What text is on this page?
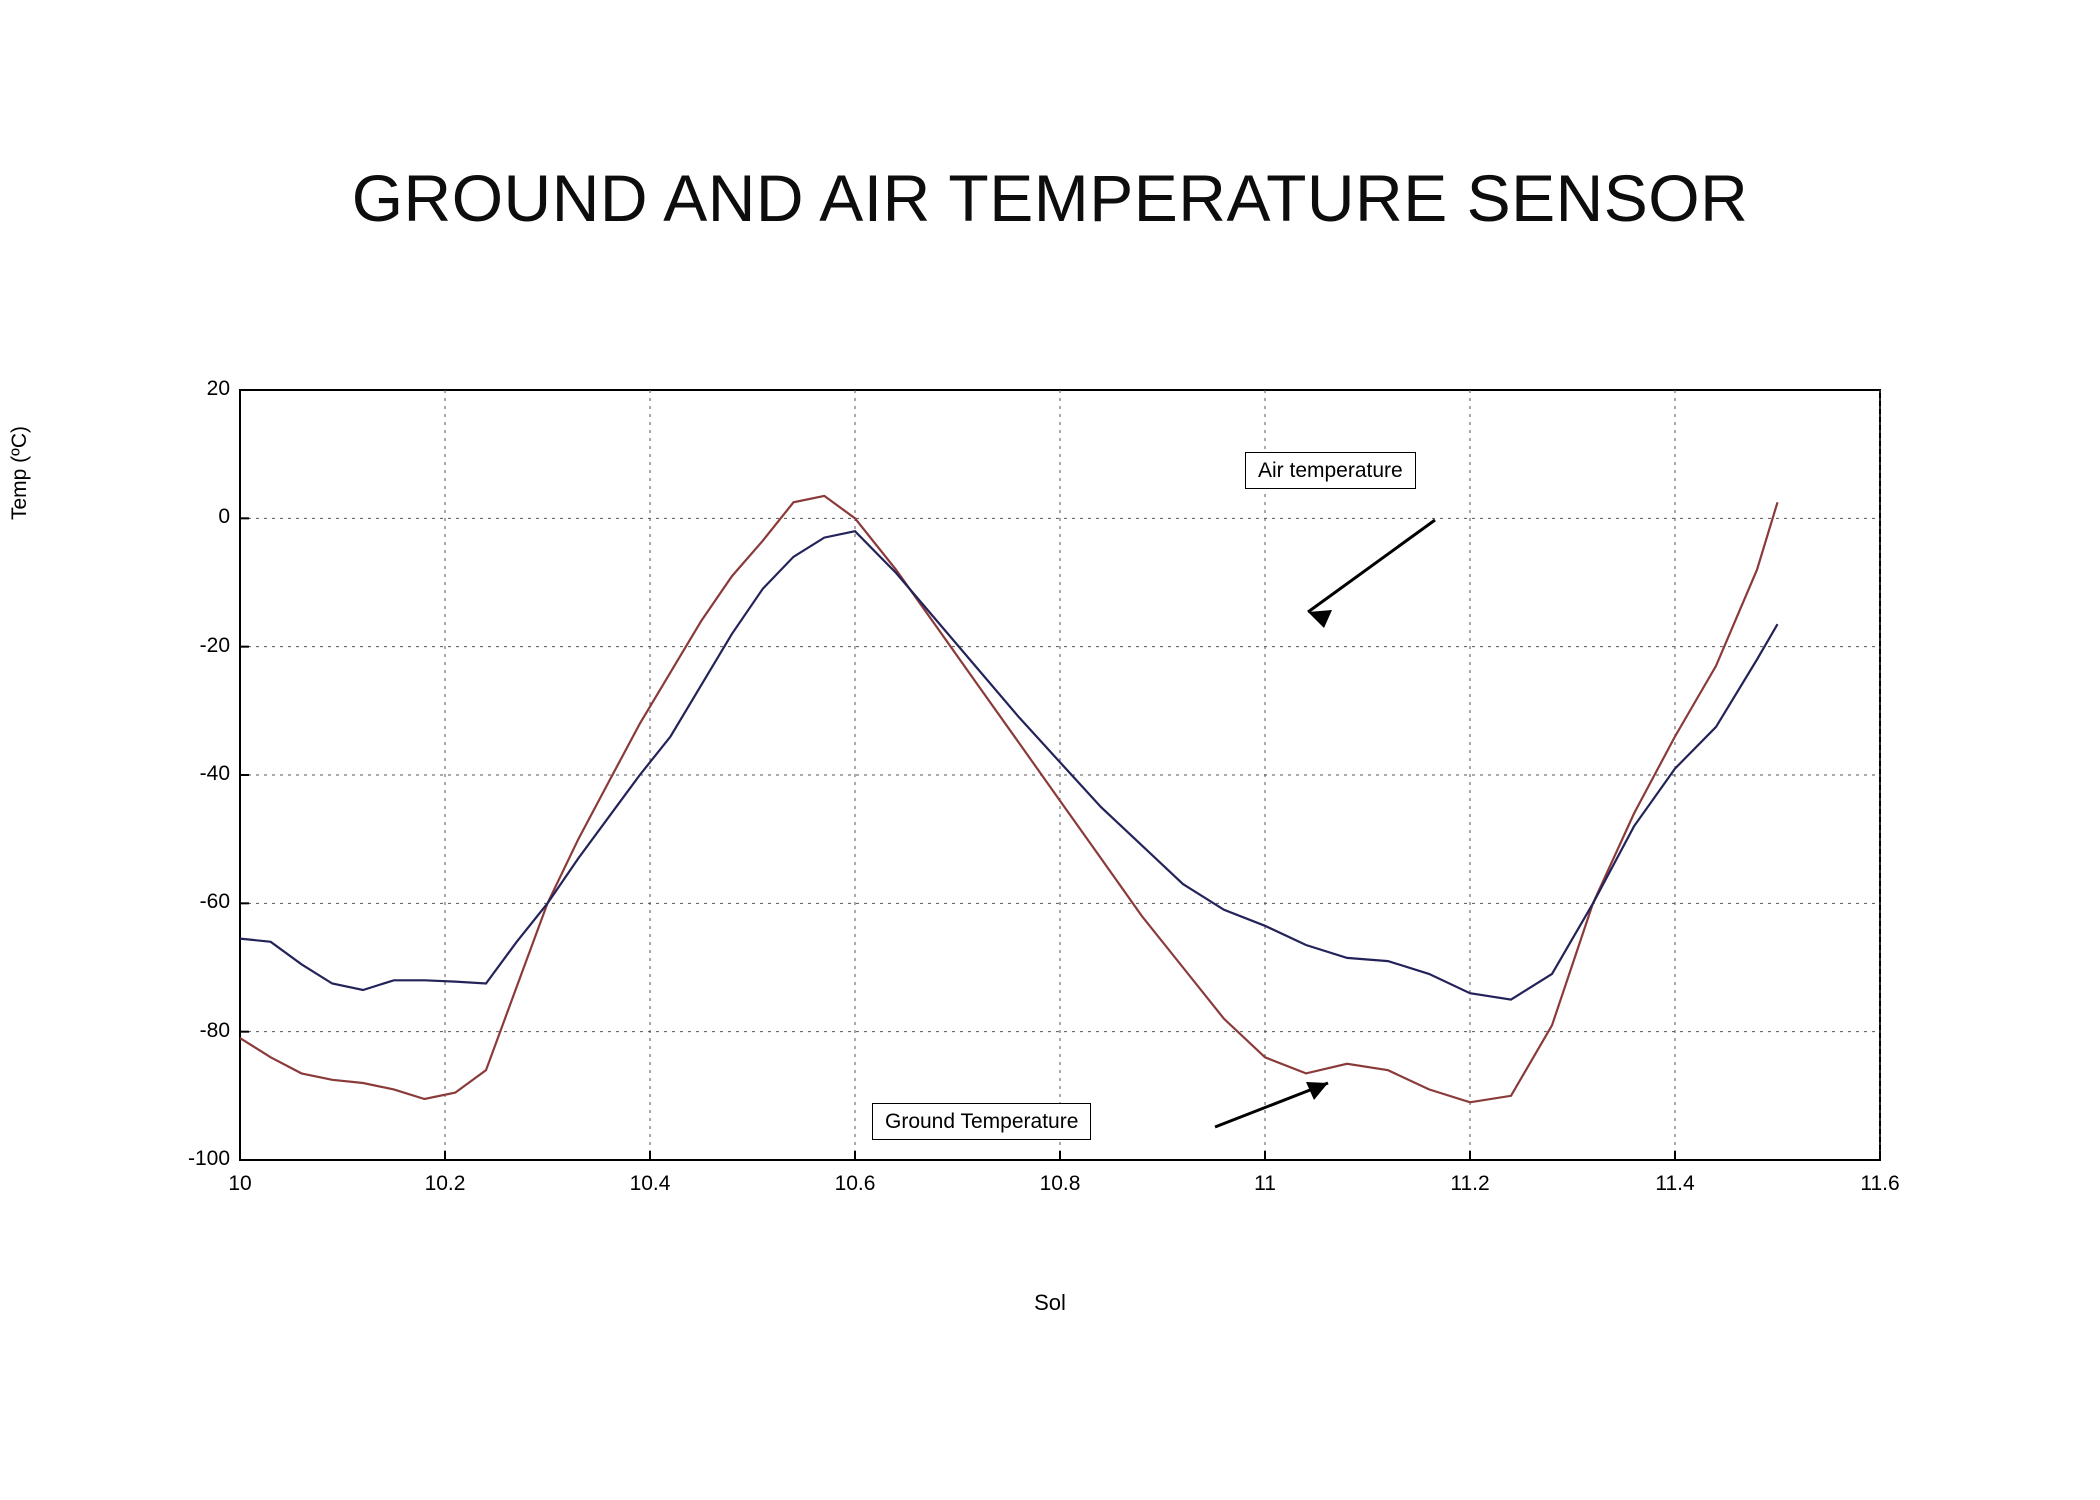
GROUND AND AIR TEMPERATURE SENSOR
Temp (ºC)	Air temperature
Ground Temperature
10	10.2	10.4	10.6	10.8	11	11.2	11.4	11.6
20
0
-20
-40
-60
-80
-100
Sol
